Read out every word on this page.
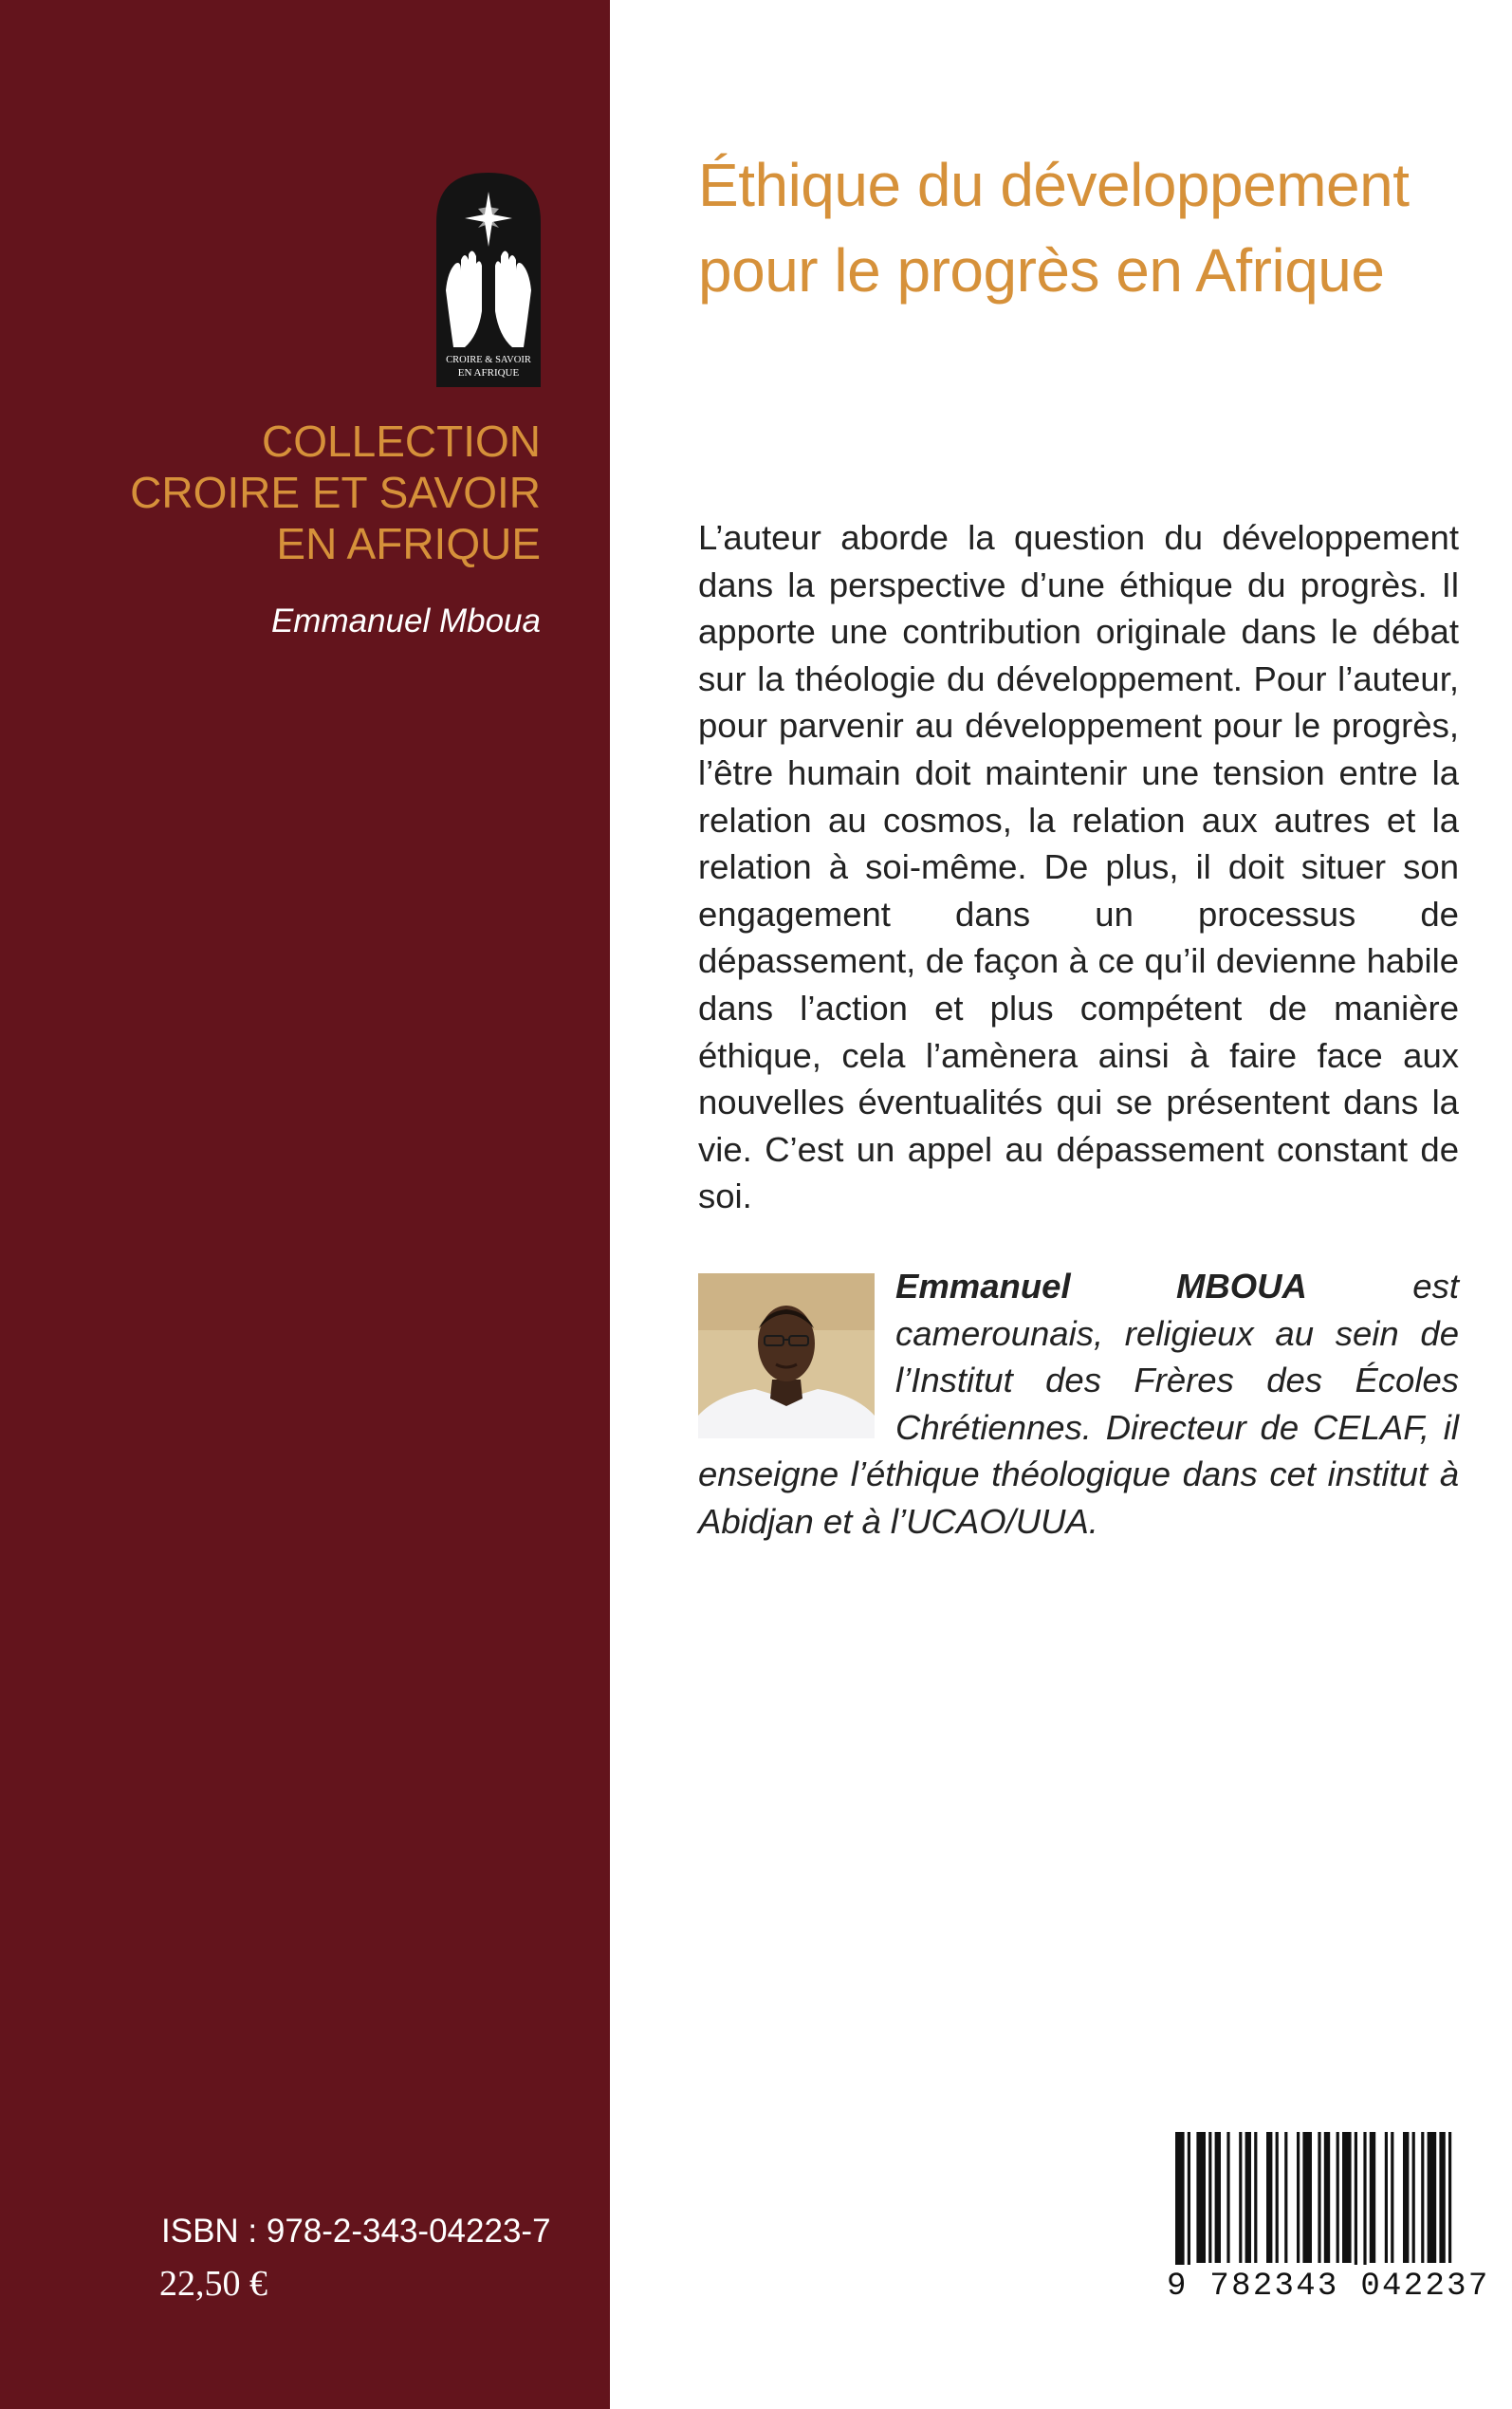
CROIRE & SAVOIR
EN AFRIQUE
COLLECTION
CROIRE ET SAVOIR
EN AFRIQUE
Emmanuel Mboua
ISBN : 978-2-343-04223-7
22,50 €
Éthique du développement
pour le progrès en Afrique

L’auteur aborde la question du développement dans la perspective d’une éthique du progrès. Il apporte une contribution originale dans le débat sur la théologie du développement. Pour l’auteur, pour parvenir au développement pour le progrès, l’être humain doit maintenir une tension entre la relation au cosmos, la relation aux autres et la relation à soi-même. De plus, il doit situer son engagement dans un processus de dépassement, de façon à ce qu’il devienne habile dans l’action et plus compétent de manière éthique, cela l’amènera ainsi à faire face aux nouvelles éventualités qui se présentent dans la vie. C’est un appel au dépassement constant de soi.

Emmanuel MBOUA	est camerounais, religieux au sein de l’Institut des Frères des Écoles Chrétiennes. Directeur de CELAF, il enseigne l’éthique théologique dans cet institut à Abidjan et à l’UCAO/UUA.

9 782343 042237
